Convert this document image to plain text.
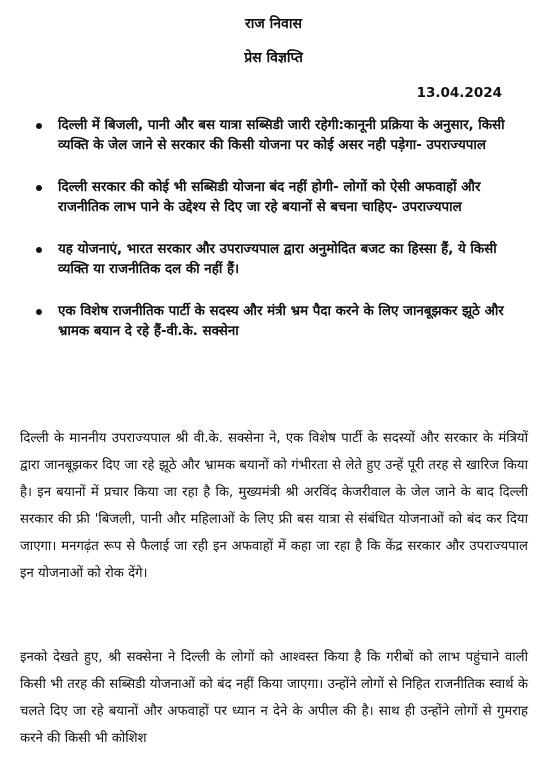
राज निवास
प्रेस विज्ञप्ति
13.04.2024
दिल्ली में बिजली, पानी और बस यात्रा सब्सिडी जारी रहेगी:कानूनी प्रक्रिया के अनुसार, किसी व्यक्ति के जेल जाने से सरकार की किसी योजना पर कोई असर नही पड़ेगा- उपराज्यपाल
दिल्ली सरकार की कोई भी सब्सिडी योजना बंद नहीं होगी- लोगों को ऐसी अफवाहों और राजनीतिक लाभ पाने के उद्देश्य से दिए जा रहे बयानों से बचना चाहिए- उपराज्यपाल
यह योजनाएं, भारत सरकार और उपराज्यपाल द्वारा अनुमोदित बजट का हिस्सा हैं, ये किसी व्यक्ति या राजनीतिक दल की नहीं हैं।
एक विशेष राजनीतिक पार्टी के सदस्य और मंत्री भ्रम पैदा करने के लिए जानबूझकर झूठे और भ्रामक बयान दे रहे हैं-वी.के. सक्सेना

दिल्ली के माननीय उपराज्यपाल श्री वी.के. सक्सेना ने, एक विशेष पार्टी के सदस्यों और सरकार के मंत्रियों द्वारा जानबूझकर दिए जा रहे झूठे और भ्रामक बयानों को गंभीरता से लेते हुए उन्हें पूरी तरह से खारिज किया है। इन बयानों में प्रचार किया जा रहा है कि, मुख्यमंत्री श्री अरविंद केजरीवाल के जेल जाने के बाद दिल्ली सरकार की फ्री 'बिजली, पानी और महिलाओं के लिए फ्री बस यात्रा से संबंधित योजनाओं को बंद कर दिया जाएगा। मनगढ़ंत रूप से फैलाई जा रही इन अफवाहों में कहा जा रहा है कि केंद्र सरकार और उपराज्यपाल इन योजनाओं को रोक देंगे।

इनको देखते हुए, श्री सक्सेना ने दिल्ली के लोगों को आश्वस्त किया है कि गरीबों को लाभ पहुंचाने वाली किसी भी तरह की सब्सिडी योजनाओं को बंद नहीं किया जाएगा। उन्होंने लोगों से निहित राजनीतिक स्वार्थ के चलते दिए जा रहे बयानों और अफवाहों पर ध्यान न देने के अपील की है। साथ ही उन्होंने लोगों से गुमराह करने की किसी भी कोशिश
